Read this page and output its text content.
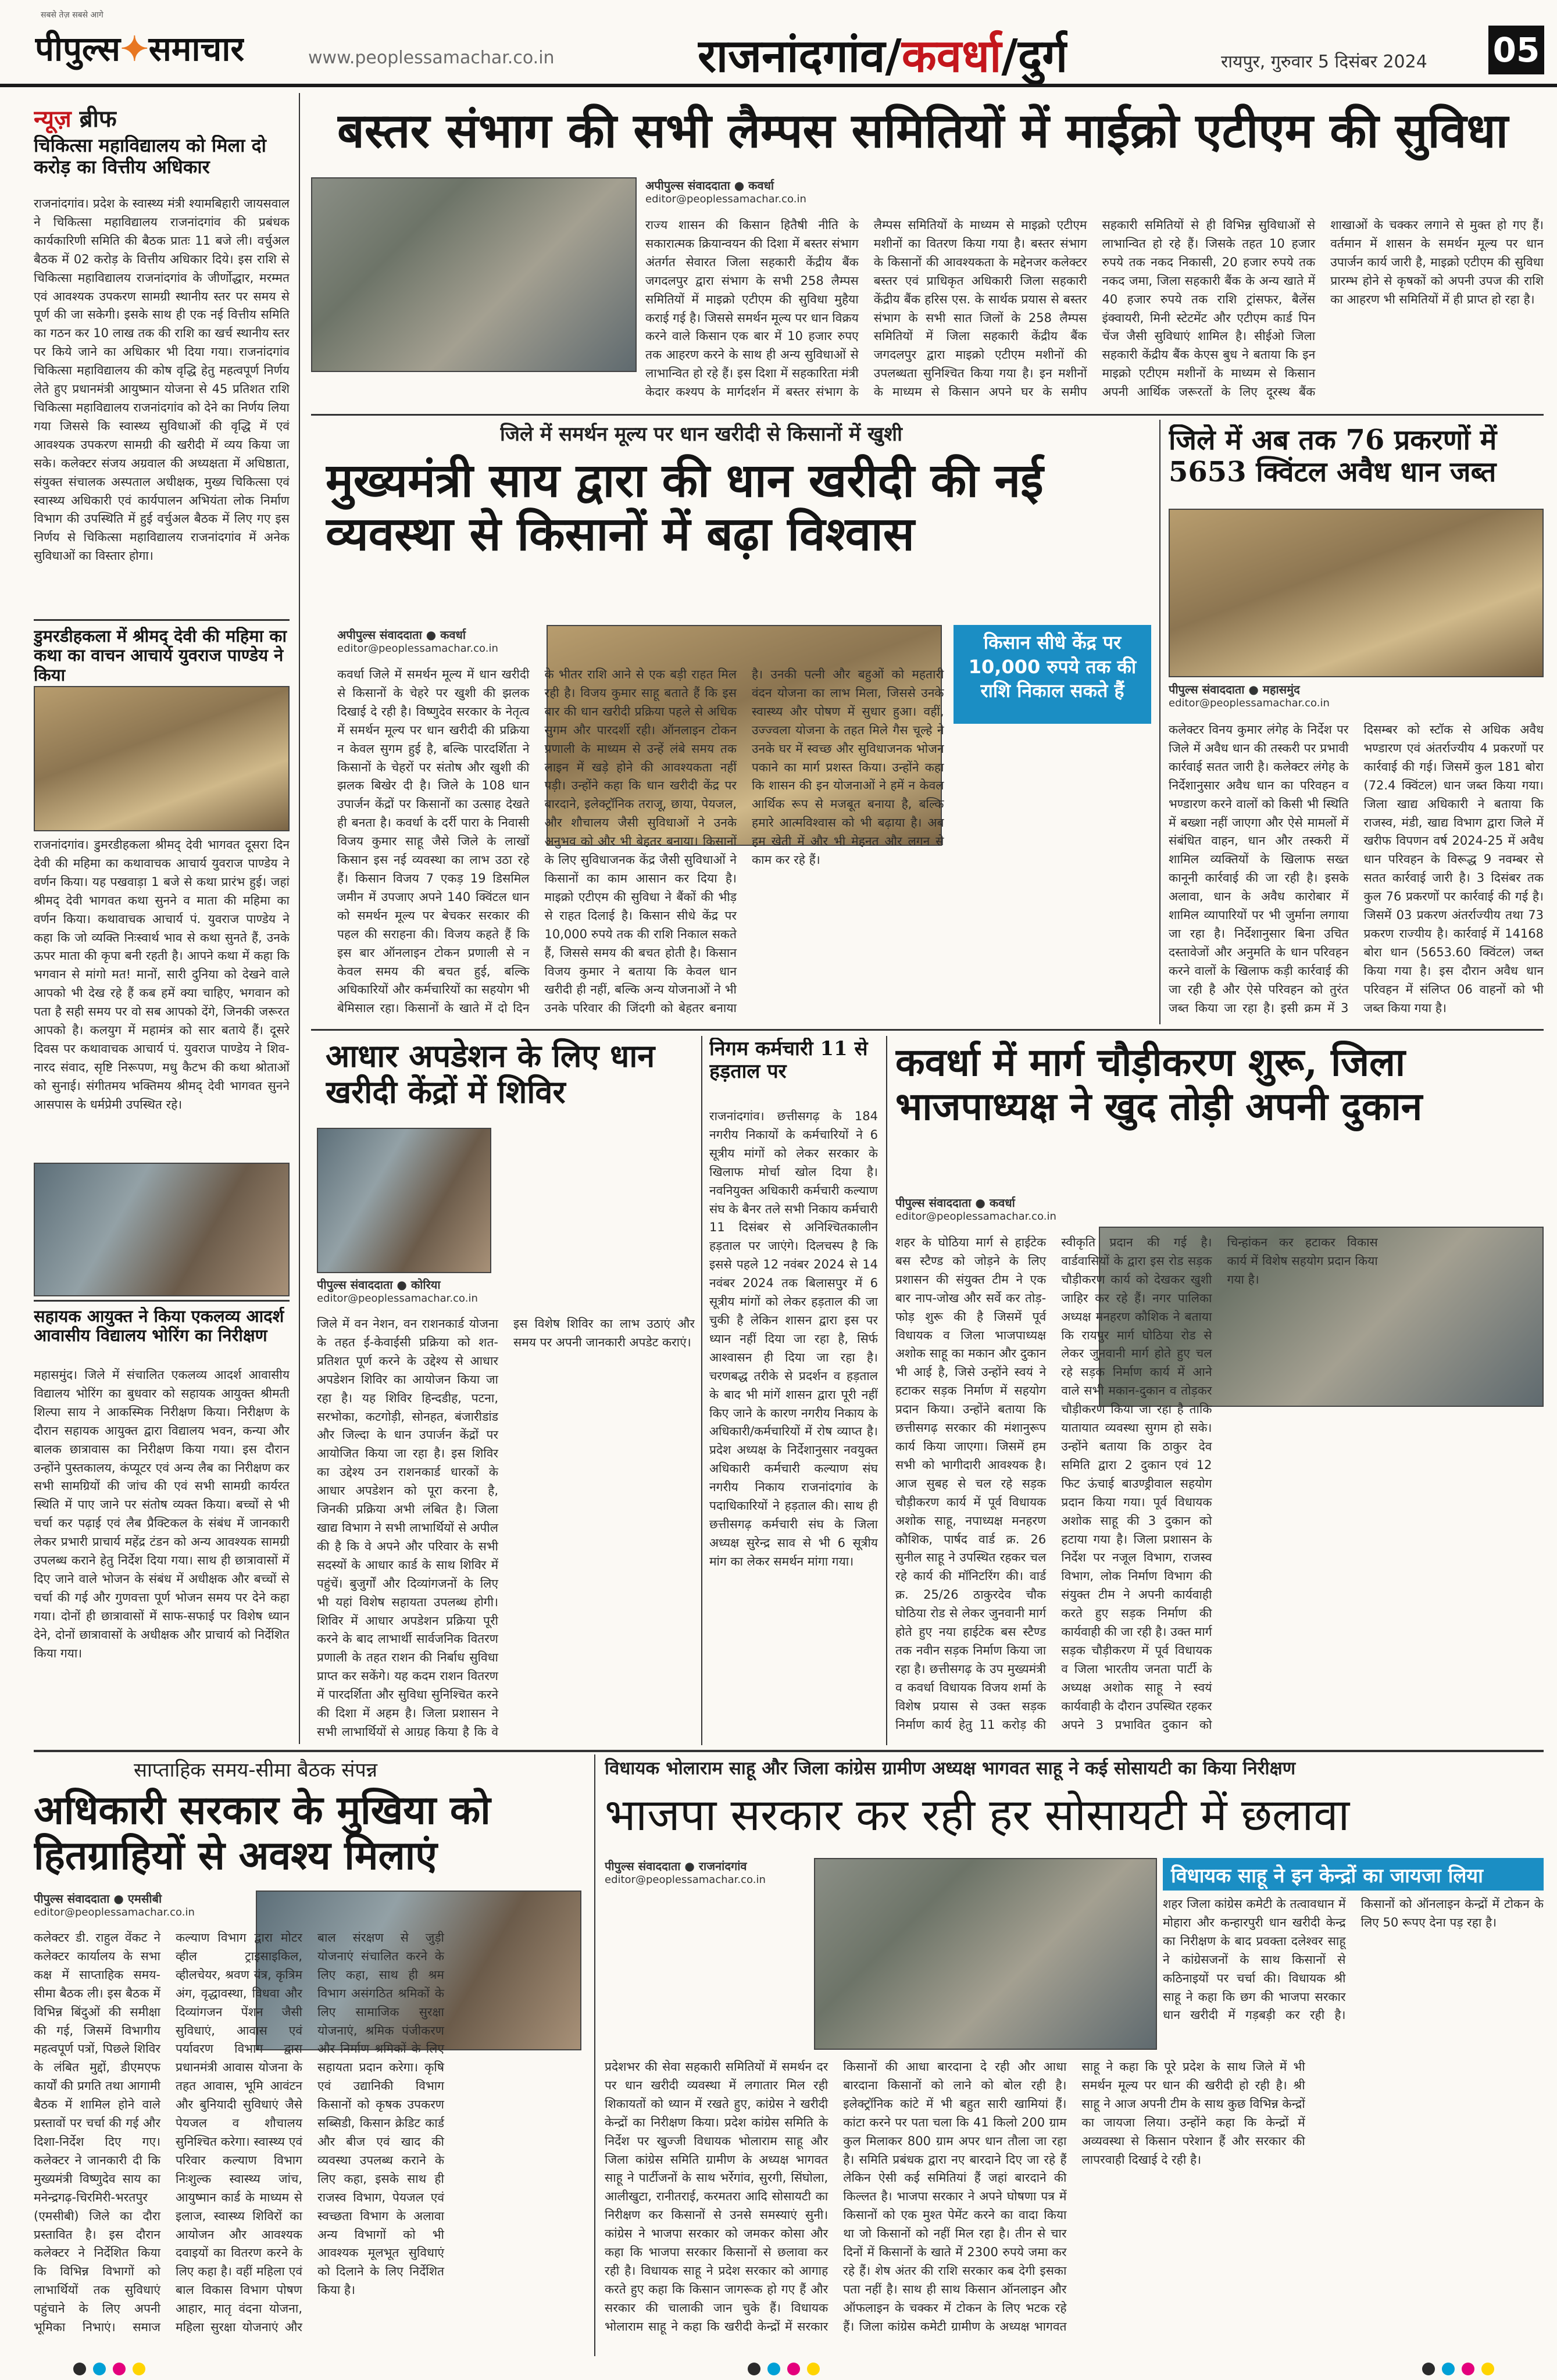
सबसे तेज़ सबसे आगे
पीपुल्स✦समाचार	www.peoplessamachar.co.in	राजनांदगांव/कवर्धा/दुर्ग	रायपुर, गुरुवार 5 दिसंबर 2024 05
न्यूज़ ब्रीफ
चिकित्सा महाविद्यालय को मिला दो करोड़ का वित्तीय अधिकार
राजनांदगांव। प्रदेश के स्वास्थ्य मंत्री श्यामबिहारी जायसवाल ने चिकित्सा महाविद्यालय राजनांदगांव की प्रबंधक कार्यकारिणी समिति की बैठक प्रातः 11 बजे ली। वर्चुअल बैठक में 02 करोड़ के वित्तीय अधिकार दिये। इस राशि से चिकित्सा महाविद्यालय राजनांदगांव के जीर्णोद्धार, मरम्मत एवं आवश्यक उपकरण सामग्री स्थानीय स्तर पर समय से पूर्ण की जा सकेगी। इसके साथ ही एक नई वित्तीय समिति का गठन कर 10 लाख तक की राशि का खर्च स्थानीय स्तर पर किये जाने का अधिकार भी दिया गया। राजनांदगांव चिकित्सा महाविद्यालय की कोष वृद्धि हेतु महत्वपूर्ण निर्णय लेते हुए प्रधानमंत्री आयुष्मान योजना से 45 प्रतिशत राशि चिकित्सा महाविद्यालय राजनांदगांव को देने का निर्णय लिया गया जिससे कि स्वास्थ्य सुविधाओं की वृद्धि में एवं आवश्यक उपकरण सामग्री की खरीदी में व्यय किया जा सके। कलेक्टर संजय अग्रवाल की अध्यक्षता में अधिष्ठाता, संयुक्त संचालक अस्पताल अधीक्षक, मुख्य चिकित्सा एवं स्वास्थ्य अधिकारी एवं कार्यपालन अभियंता लोक निर्माण विभाग की उपस्थिति में हुई वर्चुअल बैठक में लिए गए इस निर्णय से चिकित्सा महाविद्यालय राजनांदगांव में अनेक सुविधाओं का विस्तार होगा।
डुमरडीहकला में श्रीमद् देवी की महिमा का कथा का वाचन आचार्य युवराज पाण्डेय ने किया
राजनांदगांव। डुमरडीहकला श्रीमद् देवी भागवत दूसरा दिन देवी की महिमा का कथावाचक आचार्य युवराज पाण्डेय ने वर्णन किया। यह पखवाड़ा 1 बजे से कथा प्रारंभ हुई। जहां श्रीमद् देवी भागवत कथा सुनने व माता की महिमा का वर्णन किया। कथावाचक आचार्य पं. युवराज पाण्डेय ने कहा कि जो व्यक्ति निःस्वार्थ भाव से कथा सुनते हैं, उनके ऊपर माता की कृपा बनी रहती है। आपने कथा में कहा कि भगवान से मांगो मत! मानों, सारी दुनिया को देखने वाले आपको भी देख रहे हैं कब हमें क्या चाहिए, भगवान को पता है सही समय पर वो सब आपको देंगे, जिनकी जरूरत आपको है। कलयुग में महामंत्र को सार बताये हैं। दूसरे दिवस पर कथावाचक आचार्य पं. युवराज पाण्डेय ने शिव-नारद संवाद, सृष्टि निरूपण, मधु कैटभ की कथा श्रोताओं को सुनाई। संगीतमय भक्तिमय श्रीमद् देवी भागवत सुनने आसपास के धर्मप्रेमी उपस्थित रहे।
सहायक आयुक्त ने किया एकलव्य आदर्श आवासीय विद्यालय भोरिंग का निरीक्षण
महासमुंद। जिले में संचालित एकलव्य आदर्श आवासीय विद्यालय भोरिंग का बुधवार को सहायक आयुक्त श्रीमती शिल्पा साय ने आकस्मिक निरीक्षण किया। निरीक्षण के दौरान सहायक आयुक्त द्वारा विद्यालय भवन, कन्या और बालक छात्रावास का निरीक्षण किया गया। इस दौरान उन्होंने पुस्तकालय, कंप्यूटर एवं अन्य लैब का निरीक्षण कर सभी सामग्रियों की जांच की एवं सभी सामग्री कार्यरत स्थिति में पाए जाने पर संतोष व्यक्त किया। बच्चों से भी चर्चा कर पढ़ाई एवं लैब प्रैक्टिकल के संबंध में जानकारी लेकर प्रभारी प्राचार्य महेंद्र टंडन को अन्य आवश्यक सामग्री उपलब्ध कराने हेतु निर्देश दिया गया। साथ ही छात्रावासों में दिए जाने वाले भोजन के संबंध में अधीक्षक और बच्चों से चर्चा की गई और गुणवत्ता पूर्ण भोजन समय पर देने कहा गया। दोनों ही छात्रावासों में साफ-सफाई पर विशेष ध्यान देने, दोनों छात्रावासों के अधीक्षक और प्राचार्य को निर्देशित किया गया।
बस्तर संभाग की सभी लैम्पस समितियों में माईक्रो एटीएम की सुविधा
अपीपुल्स संवाददाता ● कवर्धा
editor@peoplessamachar.co.in
राज्य शासन की किसान हितैषी नीति के सकारात्मक क्रियान्वयन की दिशा में बस्तर संभाग अंतर्गत सेवारत जिला सहकारी केंद्रीय बैंक जगदलपुर द्वारा संभाग के सभी 258 लैम्पस समितियों में माइक्रो एटीएम की सुविधा मुहैया कराई गई है। जिससे समर्थन मूल्य पर धान विक्रय करने वाले किसान एक बार में 10 हजार रुपए तक आहरण करने के साथ ही अन्य सुविधाओं से लाभान्वित हो रहे हैं। इस दिशा में सहकारिता मंत्री केदार कश्यप के मार्गदर्शन में बस्तर संभाग के लैम्पस समितियों के माध्यम से माइक्रो एटीएम मशीनों का वितरण किया गया है। बस्तर संभाग के किसानों की आवश्यकता के मद्देनजर कलेक्टर बस्तर एवं प्राधिकृत अधिकारी जिला सहकारी केंद्रीय बैंक हरिस एस. के सार्थक प्रयास से बस्तर संभाग के सभी सात जिलों के 258 लैम्पस समितियों में जिला सहकारी केंद्रीय बैंक जगदलपुर द्वारा माइक्रो एटीएम मशीनों की उपलब्धता सुनिश्चित किया गया है। इन मशीनों के माध्यम से किसान अपने घर के समीप सहकारी समितियों से ही विभिन्न सुविधाओं से लाभान्वित हो रहे हैं। जिसके तहत 10 हजार रुपये तक नकद निकासी, 20 हजार रुपये तक नकद जमा, जिला सहकारी बैंक के अन्य खाते में 40 हजार रुपये तक राशि ट्रांसफर, बैलेंस इंक्वायरी, मिनी स्टेटमेंट और एटीएम कार्ड पिन चेंज जैसी सुविधाएं शामिल है। सीईओ जिला सहकारी केंद्रीय बैंक केएस बुध ने बताया कि इन माइक्रो एटीएम मशीनों के माध्यम से किसान अपनी आर्थिक जरूरतों के लिए दूरस्थ बैंक शाखाओं के चक्कर लगाने से मुक्त हो गए हैं। वर्तमान में शासन के समर्थन मूल्य पर धान उपार्जन कार्य जारी है, माइक्रो एटीएम की सुविधा प्रारम्भ होने से कृषकों को अपनी उपज की राशि का आहरण भी समितियों में ही प्राप्त हो रहा है।
जिले में समर्थन मूल्य पर धान खरीदी से किसानों में खुशी
मुख्यमंत्री साय द्वारा की धान खरीदी की नई व्यवस्था से किसानों में बढ़ा विश्वास
अपीपुल्स संवाददाता ● कवर्धा
editor@peoplessamachar.co.in	किसान सीधे केंद्र पर 10,000 रुपये तक की राशि निकाल सकते हैं
कवर्धा जिले में समर्थन मूल्य में धान खरीदी से किसानों के चेहरे पर खुशी की झलक दिखाई दे रही है। विष्णुदेव सरकार के नेतृत्व में समर्थन मूल्य पर धान खरीदी की प्रक्रिया न केवल सुगम हुई है, बल्कि पारदर्शिता ने किसानों के चेहरों पर संतोष और खुशी की झलक बिखेर दी है। जिले के 108 धान उपार्जन केंद्रों पर किसानों का उत्साह देखते ही बनता है। कवर्धा के दर्री पारा के निवासी विजय कुमार साहू जैसे जिले के लाखों किसान इस नई व्यवस्था का लाभ उठा रहे हैं। किसान विजय 7 एकड़ 19 डिसमिल जमीन में उपजाए अपने 140 क्विंटल धान को समर्थन मूल्य पर बेचकर सरकार की पहल की सराहना की। विजय कहते हैं कि इस बार ऑनलाइन टोकन प्रणाली से न केवल समय की बचत हुई, बल्कि अधिकारियों और कर्मचारियों का सहयोग भी बेमिसाल रहा। किसानों के खाते में दो दिन के भीतर राशि आने से एक बड़ी राहत मिल रही है। विजय कुमार साहू बताते हैं कि इस बार की धान खरीदी प्रक्रिया पहले से अधिक सुगम और पारदर्शी रही। ऑनलाइन टोकन प्रणाली के माध्यम से उन्हें लंबे समय तक लाइन में खड़े होने की आवश्यकता नहीं पड़ी। उन्होंने कहा कि धान खरीदी केंद्र पर बारदाने, इलेक्ट्रॉनिक तराजू, छाया, पेयजल, और शौचालय जैसी सुविधाओं ने उनके अनुभव को और भी बेहतर बनाया। किसानों के लिए सुविधाजनक केंद्र जैसी सुविधाओं ने किसानों का काम आसान कर दिया है। माइक्रो एटीएम की सुविधा ने बैंकों की भीड़ से राहत दिलाई है। किसान सीधे केंद्र पर 10,000 रुपये तक की राशि निकाल सकते हैं, जिससे समय की बचत होती है। किसान विजय कुमार ने बताया कि केवल धान खरीदी ही नहीं, बल्कि अन्य योजनाओं ने भी उनके परिवार की जिंदगी को बेहतर बनाया है। उनकी पत्नी और बहुओं को महतारी वंदन योजना का लाभ मिला, जिससे उनके स्वास्थ्य और पोषण में सुधार हुआ। वहीं, उज्ज्वला योजना के तहत मिले गैस चूल्हे ने उनके घर में स्वच्छ और सुविधाजनक भोजन पकाने का मार्ग प्रशस्त किया। उन्होंने कहा कि शासन की इन योजनाओं ने हमें न केवल आर्थिक रूप से मजबूत बनाया है, बल्कि हमारे आत्मविश्वास को भी बढ़ाया है। अब हम खेती में और भी मेहनत और लगन से काम कर रहे हैं।
जिले में अब तक 76 प्रकरणों में 5653 क्विंटल अवैध धान जब्त
पीपुल्स संवाददाता ● महासमुंद
editor@peoplessamachar.co.in
कलेक्टर विनय कुमार लंगेह के निर्देश पर जिले में अवैध धान की तस्करी पर प्रभावी कार्रवाई सतत जारी है। कलेक्टर लंगेह के निर्देशानुसार अवैध धान का परिवहन व भण्डारण करने वालों को किसी भी स्थिति में बख्शा नहीं जाएगा और ऐसे मामलों में संबंधित वाहन, धान और तस्करी में शामिल व्यक्तियों के खिलाफ सख्त कानूनी कार्रवाई की जा रही है। इसके अलावा, धान के अवैध कारोबार में शामिल व्यापारियों पर भी जुर्माना लगाया जा रहा है। निर्देशानुसार बिना उचित दस्तावेजों और अनुमति के धान परिवहन करने वालों के खिलाफ कड़ी कार्रवाई की जा रही है और ऐसे परिवहन को तुरंत जब्त किया जा रहा है। इसी क्रम में 3 दिसम्बर को स्टॉक से अधिक अवैध भण्डारण एवं अंतर्राज्यीय 4 प्रकरणों पर कार्रवाई की गई। जिसमें कुल 181 बोरा (72.4 क्विंटल) धान जब्त किया गया। जिला खाद्य अधिकारी ने बताया कि राजस्व, मंडी, खाद्य विभाग द्वारा जिले में खरीफ विपणन वर्ष 2024-25 में अवैध धान परिवहन के विरूद्ध 9 नवम्बर से सतत कार्रवाई जारी है। 3 दिसंबर तक कुल 76 प्रकरणों पर कार्रवाई की गई है। जिसमें 03 प्रकरण अंतर्राज्यीय तथा 73 प्रकरण राज्यीय है। कार्रवाई में 14168 बोरा धान (5653.60 क्विंटल) जब्त किया गया है। इस दौरान अवैध धान परिवहन में संलिप्त 06 वाहनों को भी जब्त किया गया है।
आधार अपडेशन के लिए धान खरीदी केंद्रों में शिविर
पीपुल्स संवाददाता ● कोरिया
editor@peoplessamachar.co.in
जिले में वन नेशन, वन राशनकार्ड योजना के तहत ई-केवाईसी प्रक्रिया को शत-प्रतिशत पूर्ण करने के उद्देश्य से आधार अपडेशन शिविर का आयोजन किया जा रहा है। यह शिविर हिन्दडीह, पटना, सरभोका, कटगोड़ी, सोनहत, बंजारीडांड और जिल्दा के धान उपार्जन केंद्रों पर आयोजित किया जा रहा है। इस शिविर का उद्देश्य उन राशनकार्ड धारकों के आधार अपडेशन को पूरा करना है, जिनकी प्रक्रिया अभी लंबित है। जिला खाद्य विभाग ने सभी लाभार्थियों से अपील की है कि वे अपने और परिवार के सभी सदस्यों के आधार कार्ड के साथ शिविर में पहुंचें। बुजुर्गों और दिव्यांगजनों के लिए भी यहां विशेष सहायता उपलब्ध होगी। शिविर में आधार अपडेशन प्रक्रिया पूरी करने के बाद लाभार्थी सार्वजनिक वितरण प्रणाली के तहत राशन की निर्बाध सुविधा प्राप्त कर सकेंगे। यह कदम राशन वितरण में पारदर्शिता और सुविधा सुनिश्चित करने की दिशा में अहम है। जिला प्रशासन ने सभी लाभार्थियों से आग्रह किया है कि वे इस विशेष शिविर का लाभ उठाएं और समय पर अपनी जानकारी अपडेट कराएं।
निगम कर्मचारी 11 से हड़ताल पर
राजनांदगांव। छत्तीसगढ़ के 184 नगरीय निकायों के कर्मचारियों ने 6 सूत्रीय मांगों को लेकर सरकार के खिलाफ मोर्चा खोल दिया है। नवनियुक्त अधिकारी कर्मचारी कल्याण संघ के बैनर तले सभी निकाय कर्मचारी 11 दिसंबर से अनिश्चितकालीन हड़ताल पर जाएंगे। दिलचस्प है कि इससे पहले 12 नवंबर 2024 से 14 नवंबर 2024 तक बिलासपुर में 6 सूत्रीय मांगों को लेकर हड़ताल की जा चुकी है लेकिन शासन द्वारा इस पर ध्यान नहीं दिया जा रहा है, सिर्फ आश्वासन ही दिया जा रहा है। चरणबद्ध तरीके से प्रदर्शन व हड़ताल के बाद भी मांगें शासन द्वारा पूरी नहीं किए जाने के कारण नगरीय निकाय के अधिकारी/कर्मचारियों में रोष व्याप्त है। प्रदेश अध्यक्ष के निर्देशानुसार नवयुक्त अधिकारी कर्मचारी कल्याण संघ नगरीय निकाय राजनांदगांव के पदाधिकारियों ने हड़ताल की। साथ ही छत्तीसगढ़ कर्मचारी संघ के जिला अध्यक्ष सुरेन्द्र साव से भी 6 सूत्रीय मांग का लेकर समर्थन मांगा गया।
कवर्धा में मार्ग चौड़ीकरण शुरू, जिला भाजपाध्यक्ष ने खुद तोड़ी अपनी दुकान
पीपुल्स संवाददाता ● कवर्धा
editor@peoplessamachar.co.in
शहर के घोठिया मार्ग से हाईटेक बस स्टैण्ड को जोड़ने के लिए प्रशासन की संयुक्त टीम ने एक बार नाप-जोख और सर्वे कर तोड़-फोड़ शुरू की है जिसमें पूर्व विधायक व जिला भाजपाध्यक्ष अशोक साहू का मकान और दुकान भी आई है, जिसे उन्होंने स्वयं ने हटाकर सड़क निर्माण में सहयोग प्रदान किया। उन्होंने बताया कि छत्तीसगढ़ सरकार की मंशानुरूप कार्य किया जाएगा। जिसमें हम सभी को भागीदारी आवश्यक है। आज सुबह से चल रहे सड़क चौड़ीकरण कार्य में पूर्व विधायक अशोक साहू, नपाध्यक्ष मनहरण कौशिक, पार्षद वार्ड क्र. 26 सुनील साहू ने उपस्थित रहकर चल रहे कार्य की मॉनिटरिंग की। वार्ड क्र. 25/26 ठाकुरदेव चौक घोठिया रोड से लेकर जुनवानी मार्ग होते हुए नया हाईटेक बस स्टैण्ड तक नवीन सड़क निर्माण किया जा रहा है। छत्तीसगढ़ के उप मुख्यमंत्री व कवर्धा विधायक विजय शर्मा के विशेष प्रयास से उक्त सड़क निर्माण कार्य हेतु 11 करोड़ की स्वीकृति प्रदान की गई है। वार्डवासियों के द्वारा इस रोड सड़क चौड़ीकरण कार्य को देखकर खुशी जाहिर कर रहे हैं। नगर पालिका अध्यक्ष मनहरण कौशिक ने बताया कि रायपुर मार्ग घोठिया रोड से लेकर जुनवानी मार्ग होते हुए चल रहे सड़क निर्माण कार्य में आने वाले सभी मकान-दुकान व तोड़कर चौड़ीकरण किया जा रहा है ताकि यातायात व्यवस्था सुगम हो सके। उन्होंने बताया कि ठाकुर देव समिति द्वारा 2 दुकान एवं 12 फिट ऊंचाई बाउण्ड्रीवाल सहयोग प्रदान किया गया। पूर्व विधायक अशोक साहू की 3 दुकान को हटाया गया है। जिला प्रशासन के निर्देश पर नजूल विभाग, राजस्व विभाग, लोक निर्माण विभाग की संयुक्त टीम ने अपनी कार्यवाही करते हुए सड़क निर्माण की कार्यवाही की जा रही है। उक्त मार्ग सड़क चौड़ीकरण में पूर्व विधायक व जिला भारतीय जनता पार्टी के अध्यक्ष अशोक साहू ने स्वयं कार्यवाही के दौरान उपस्थित रहकर अपने 3 प्रभावित दुकान को चिन्हांकन कर हटाकर विकास कार्य में विशेष सहयोग प्रदान किया गया है।
साप्ताहिक समय-सीमा बैठक संपन्न
अधिकारी सरकार के मुखिया को हितग्राहियों से अवश्य मिलाएं
पीपुल्स संवाददाता ● एमसीबी
editor@peoplessamachar.co.in
कलेक्टर डी. राहुल वेंकट ने कलेक्टर कार्यालय के सभा कक्ष में साप्ताहिक समय-सीमा बैठक ली। इस बैठक में विभिन्न बिंदुओं की समीक्षा की गई, जिसमें विभागीय महत्वपूर्ण पत्रों, पिछले शिविर के लंबित मुद्दों, डीएमएफ कार्यों की प्रगति तथा आगामी बैठक में शामिल होने वाले प्रस्तावों पर चर्चा की गई और दिशा-निर्देश दिए गए। कलेक्टर ने जानकारी दी कि मुख्यमंत्री विष्णुदेव साय का मनेन्द्रगढ़-चिरमिरी-भरतपुर (एमसीबी) जिले का दौरा प्रस्तावित है। इस दौरान कलेक्टर ने निर्देशित किया कि विभिन्न विभागों को लाभार्थियों तक सुविधाएं पहुंचाने के लिए अपनी भूमिका निभाएं। समाज कल्याण विभाग द्वारा मोटर व्हील ट्राइसाइकिल, व्हीलचेयर, श्रवण यंत्र, कृत्रिम अंग, वृद्धावस्था, विधवा और दिव्यांगजन पेंशन जैसी सुविधाएं, आवास एवं पर्यावरण विभाग द्वारा प्रधानमंत्री आवास योजना के तहत आवास, भूमि आवंटन और बुनियादी सुविधाएं जैसे पेयजल व शौचालय सुनिश्चित करेगा। स्वास्थ्य एवं परिवार कल्याण विभाग निःशुल्क स्वास्थ्य जांच, आयुष्मान कार्ड के माध्यम से इलाज, स्वास्थ्य शिविरों का आयोजन और आवश्यक दवाइयों का वितरण करने के लिए कहा है। वहीं महिला एवं बाल विकास विभाग पोषण आहार, मातृ वंदना योजना, महिला सुरक्षा योजनाएं और बाल संरक्षण से जुड़ी योजनाएं संचालित करने के लिए कहा, साथ ही श्रम विभाग असंगठित श्रमिकों के लिए सामाजिक सुरक्षा योजनाएं, श्रमिक पंजीकरण और निर्माण श्रमिकों के लिए सहायता प्रदान करेगा। कृषि एवं उद्यानिकी विभाग किसानों को कृषक उपकरण सब्सिडी, किसान क्रेडिट कार्ड और बीज एवं खाद की व्यवस्था उपलब्ध कराने के लिए कहा, इसके साथ ही राजस्व विभाग, पेयजल एवं स्वच्छता विभाग के अलावा अन्य विभागों को भी आवश्यक मूलभूत सुविधाएं को दिलाने के लिए निर्देशित किया है।
विधायक भोलाराम साहू और जिला कांग्रेस ग्रामीण अध्यक्ष भागवत साहू ने कई सोसायटी का किया निरीक्षण
भाजपा सरकार कर रही हर सोसायटी में छलावा
पीपुल्स संवाददाता ● राजनांदगांव
editor@peoplessamachar.co.in	विधायक साहू ने इन केन्द्रों का जायजा लिया
शहर जिला कांग्रेस कमेटी के तत्वावधान में मोहारा और कन्हारपुरी धान खरीदी केन्द्र का निरीक्षण के बाद प्रवक्ता दलेश्वर साहू ने कांग्रेसजनों के साथ किसानों से कठिनाइयों पर चर्चा की। विधायक श्री साहू ने कहा कि छग की भाजपा सरकार धान खरीदी में गड़बड़ी कर रही है। किसानों को ऑनलाइन केन्द्रों में टोकन के लिए 50 रूपए देना पड़ रहा है।
प्रदेशभर की सेवा सहकारी समितियों में समर्थन दर पर धान खरीदी व्यवस्था में लगातार मिल रही शिकायतों को ध्यान में रखते हुए, कांग्रेस ने खरीदी केन्द्रों का निरीक्षण किया। प्रदेश कांग्रेस समिति के निर्देश पर खुज्जी विधायक भोलाराम साहू और जिला कांग्रेस समिति ग्रामीण के अध्यक्ष भागवत साहू ने पार्टीजनों के साथ भर्रेगांव, सुरगी, सिंघोला, आलीखुटा, रानीतराई, करमतरा आदि सोसायटी का निरीक्षण कर किसानों से उनसे समस्याएं सुनी। कांग्रेस ने भाजपा सरकार को जमकर कोसा और कहा कि भाजपा सरकार किसानों से छलावा कर रही है। विधायक साहू ने प्रदेश सरकार को आगाह करते हुए कहा कि किसान जागरूक हो गए हैं और सरकार की चालाकी जान चुके हैं। विधायक भोलाराम साहू ने कहा कि खरीदी केन्द्रों में सरकार किसानों की आधा बारदाना दे रही और आधा बारदाना किसानों को लाने को बोल रही है। इलेक्ट्रॉनिक कांटे में भी बहुत सारी खामियां हैं। कांटा करने पर पता चला कि 41 किलो 200 ग्राम कुल मिलाकर 800 ग्राम अपर धान तौला जा रहा है। समिति प्रबंधक द्वारा नए बारदाने दिए जा रहे हैं लेकिन ऐसी कई समितियां हैं जहां बारदाने की किल्लत है। भाजपा सरकार ने अपने घोषणा पत्र में किसानों को एक मुश्त पेमेंट करने का वादा किया था जो किसानों को नहीं मिल रहा है। तीन से चार दिनों में किसानों के खाते में 2300 रुपये जमा कर रहे हैं। शेष अंतर की राशि सरकार कब देगी इसका पता नहीं है। साथ ही साथ किसान ऑनलाइन और ऑफलाइन के चक्कर में टोकन के लिए भटक रहे हैं। जिला कांग्रेस कमेटी ग्रामीण के अध्यक्ष भागवत साहू ने कहा कि पूरे प्रदेश के साथ जिले में भी समर्थन मूल्य पर धान की खरीदी हो रही है। श्री साहू ने आज अपनी टीम के साथ कुछ विभिन्न केन्द्रों का जायजा लिया। उन्होंने कहा कि केन्द्रों में अव्यवस्था से किसान परेशान हैं और सरकार की लापरवाही दिखाई दे रही है।
